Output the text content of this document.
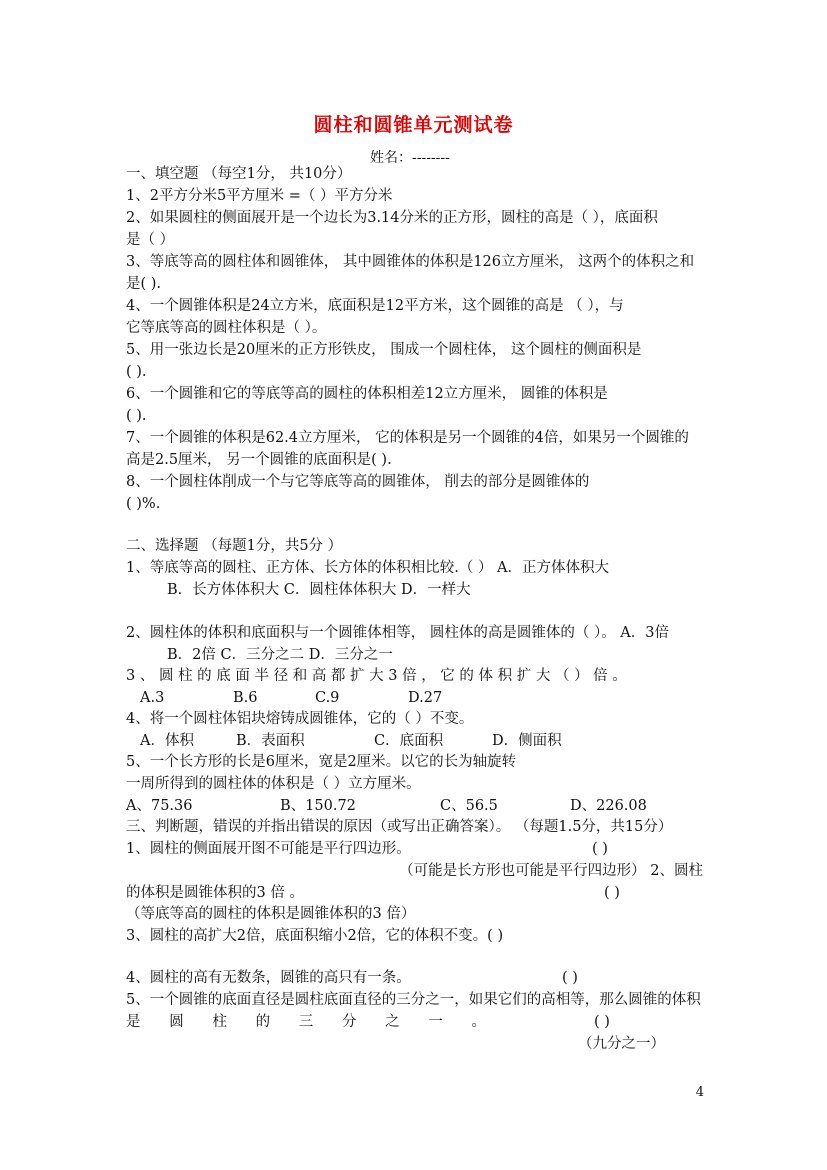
圆柱和圆锥单元测试卷
姓名：--------
一、填空题 （每空1分， 共10分）
1、2平方分米5平方厘米 =（ ）平方分米
2、如果圆柱的侧面展开是一个边长为3.14分米的正方形，圆柱的高是（ ），底面积
是（ ）
3、等底等高的圆柱体和圆锥体， 其中圆锥体的体积是126立方厘米， 这两个的体积之和
是( ).
4、一个圆锥体积是24立方米，底面积是12平方米，这个圆锥的高是 （ ），与
它等底等高的圆柱体积是（ ）。
5、用一张边长是20厘米的正方形铁皮， 围成一个圆柱体， 这个圆柱的侧面积是
( ).
6、一个圆锥和它的等底等高的圆柱的体积相差12立方厘米， 圆锥的体积是
( ).
7、一个圆锥的体积是62.4立方厘米， 它的体积是另一个圆锥的4倍，如果另一个圆锥的
高是2.5厘米， 另一个圆锥的底面积是( ).
8、一个圆柱体削成一个与它等底等高的圆锥体， 削去的部分是圆锥体的
( )%.
二、选择题 （每题1分，共5分 ）
1、等底等高的圆柱、正方体、长方体的体积相比较.（ ） A．正方体体积大
B．长方体体积大 C．圆柱体体积大 D．一样大
2、圆柱体的体积和底面积与一个圆锥体相等， 圆柱体的高是圆锥体的（ ）。 A．3倍
B．2倍 C．三分之二 D．三分之一
3 、 圆 柱 的 底 面 半 径 和 高 都 扩 大 3 倍 ， 它 的 体 积 扩 大 （ ） 倍 。
A.3	B.6	C.9	D.27
4、将一个圆柱体铝块熔铸成圆锥体，它的（ ）不变。
A．体积	B．表面积	C．底面积	D．侧面积
5、一个长方形的长是6厘米，宽是2厘米。以它的长为轴旋转
一周所得到的圆柱体的体积是（ ）立方厘米。
A、75.36	B、150.72	C、56.5	D、226.08
三、判断题，错误的并指出错误的原因（或写出正确答案）。 （每题1.5分，共15分）
1、圆柱的侧面展开图不可能是平行四边形。	( )
（可能是长方形也可能是平行四边形） 2、圆柱
的体积是圆锥体积的3 倍 。	( )
（等底等高的圆柱的体积是圆锥体积的3 倍）
3、圆柱的高扩大2倍，底面积缩小2倍，它的体积不变。( )
4、圆柱的高有无数条，圆锥的高只有一条。	( )
5、一个圆锥的底面直径是圆柱底面直径的三分之一，如果它们的高相等，那么圆锥的体积
是 圆 柱 的 三 分 之 一 。	( )
（九分之一）
4
